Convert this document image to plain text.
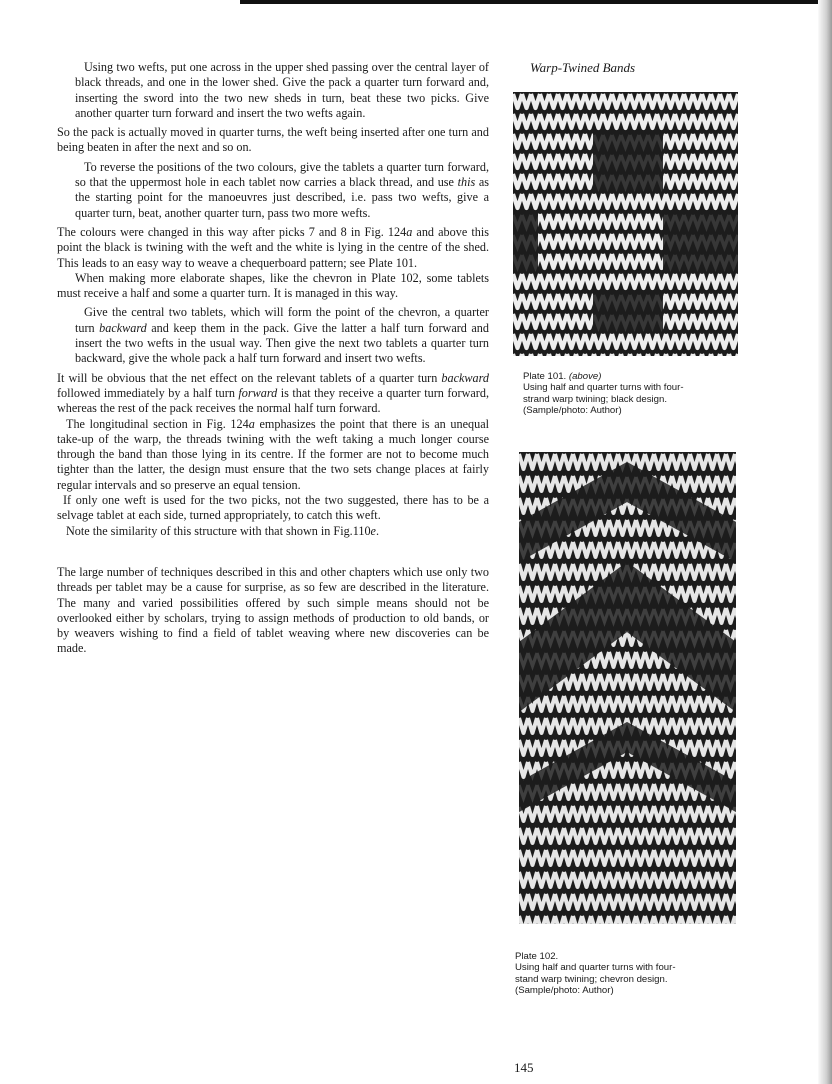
Warp-Twined Bands

Using two wefts, put one across in the upper shed passing over the central layer of black threads, and one in the lower shed. Give the pack a quarter turn forward and, inserting the sword into the two new sheds in turn, beat these two picks. Give another quarter turn forward and insert the two wefts again.

So the pack is actually moved in quarter turns, the weft being inserted after one turn and being beaten in after the next and so on.

To reverse the positions of the two colours, give the tablets a quarter turn forward, so that the uppermost hole in each tablet now carries a black thread, and use this as the starting point for the manoeuvres just described, i.e. pass two wefts, give a quarter turn, beat, another quarter turn, pass two more wefts.

The colours were changed in this way after picks 7 and 8 in Fig. 124a and above this point the black is twining with the weft and the white is lying in the centre of the shed. This leads to an easy way to weave a chequerboard pattern; see Plate 101.

When making more elaborate shapes, like the chevron in Plate 102, some tablets must receive a half and some a quarter turn. It is managed in this way.

Give the central two tablets, which will form the point of the chevron, a quarter turn backward and keep them in the pack. Give the latter a half turn forward and insert the two wefts in the usual way. Then give the next two tablets a quarter turn backward, give the whole pack a half turn forward and insert two wefts.

It will be obvious that the net effect on the relevant tablets of a quarter turn backward followed immediately by a half turn forward is that they receive a quarter turn forward, whereas the rest of the pack receives the normal half turn forward.

The longitudinal section in Fig. 124a emphasizes the point that there is an unequal take-up of the warp, the threads twining with the weft taking a much longer course through the band than those lying in its centre. If the former are not to become much tighter than the latter, the design must ensure that the two sets change places at fairly regular intervals and so preserve an equal tension.

If only one weft is used for the two picks, not the two suggested, there has to be a selvage tablet at each side, turned appropriately, to catch this weft.

Note the similarity of this structure with that shown in Fig.110e.

The large number of techniques described in this and other chapters which use only two threads per tablet may be a cause for surprise, as so few are described in the literature. The many and varied possibilities offered by such simple means should not be overlooked either by scholars, trying to assign methods of production to old bands, or by weavers wishing to find a field of tablet weaving where new discoveries can be made.

Plate 101. (above)
Using half and quarter turns with four-
strand warp twining; black design.
(Sample/photo: Author)
Plate 102.
Using half and quarter turns with four-
stand warp twining; chevron design.
(Sample/photo: Author)
145
